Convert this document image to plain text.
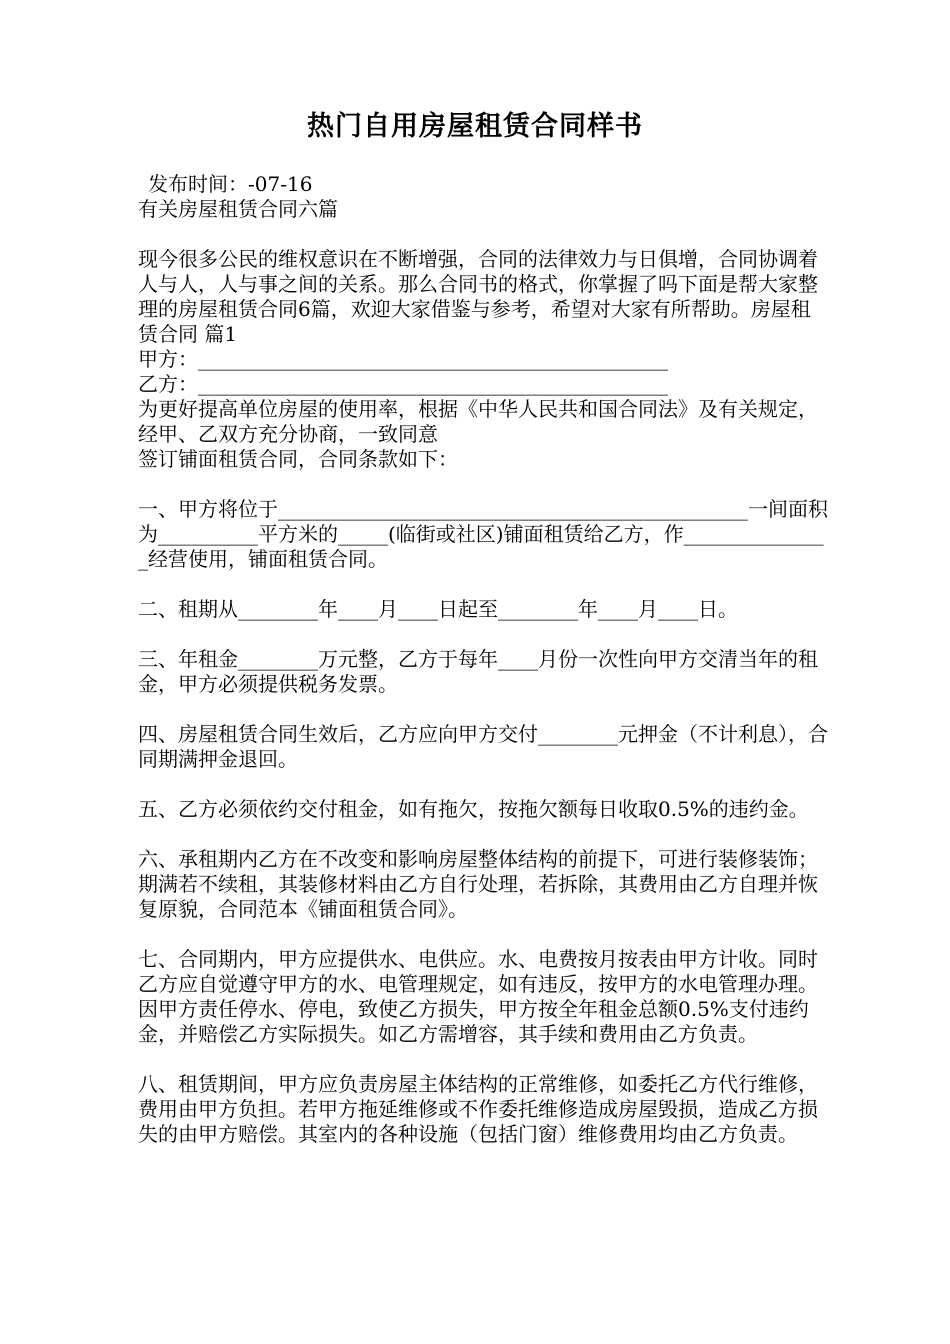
热门自用房屋租赁合同样书

发布时间：-07-16

有关房屋租赁合同六篇

现今很多公民的维权意识在不断增强，合同的法律效力与日俱增，合同协调着人与人，人与事之间的关系。那么合同书的格式，你掌握了吗下面是帮大家整理的房屋租赁合同6篇，欢迎大家借鉴与参考，希望对大家有所帮助。房屋租赁合同 篇1

甲方：_______________________________________________

乙方：_______________________________________________

为更好提高单位房屋的使用率，根据《中华人民共和国合同法》及有关规定，经甲、乙双方充分协商，一致同意

签订铺面租赁合同，合同条款如下：

一、甲方将位于_______________________________________________一间面积为__________平方米的_____(临街或社区)铺面租赁给乙方，作_______________经营使用，铺面租赁合同。

二、租期从________年____月____日起至________年____月____日。

三、年租金________万元整，乙方于每年____月份一次性向甲方交清当年的租金，甲方必须提供税务发票。

四、房屋租赁合同生效后，乙方应向甲方交付________元押金（不计利息），合同期满押金退回。

五、乙方必须依约交付租金，如有拖欠，按拖欠额每日收取0.5%的违约金。

六、承租期内乙方在不改变和影响房屋整体结构的前提下，可进行装修装饰；期满若不续租，其装修材料由乙方自行处理，若拆除，其费用由乙方自理并恢复原貌，合同范本《铺面租赁合同》。

七、合同期内，甲方应提供水、电供应。水、电费按月按表由甲方计收。同时乙方应自觉遵守甲方的水、电管理规定，如有违反，按甲方的水电管理办理。因甲方责任停水、停电，致使乙方损失，甲方按全年租金总额0.5%支付违约金，并赔偿乙方实际损失。如乙方需增容，其手续和费用由乙方负责。

八、租赁期间，甲方应负责房屋主体结构的正常维修，如委托乙方代行维修，费用由甲方负担。若甲方拖延维修或不作委托维修造成房屋毁损，造成乙方损失的由甲方赔偿。其室内的各种设施（包括门窗）维修费用均由乙方负责。
